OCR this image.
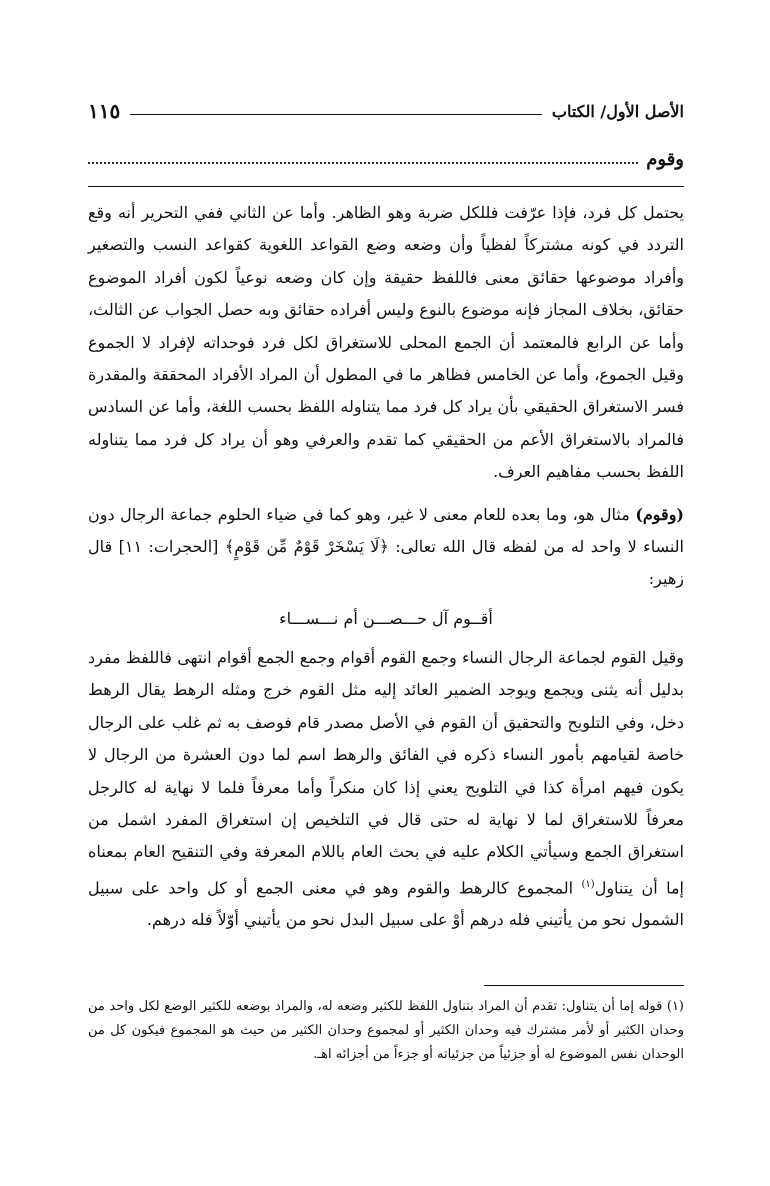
الأصل الأول/ الكتاب
١١٥
وقوم

يحتمل كل فرد، فإذا عرّفت فللكل ضربة وهو الظاهر. وأما عن الثاني ففي التحرير أنه وقع التردد في كونه مشتركاً لفظياً وأن وضعه وضع القواعد اللغوية كقواعد النسب والتصغير وأفراد موضوعها حقائق معنى فاللفظ حقيقة وإن كان وضعه نوعياً لكون أفراد الموضوع حقائق، بخلاف المجاز فإنه موضوع بالنوع وليس أفراده حقائق وبه حصل الجواب عن الثالث، وأما عن الرابع فالمعتمد أن الجمع المحلى للاستغراق لكل فرد فوحداته لإفراد لا الجموع وقيل الجموع، وأما عن الخامس فظاهر ما في المطول أن المراد الأفراد المحققة والمقدرة فسر الاستغراق الحقيقي بأن يراد كل فرد مما يتناوله اللفظ بحسب اللغة، وأما عن السادس فالمراد بالاستغراق الأعم من الحقيقي كما تقدم والعرفي وهو أن يراد كل فرد مما يتناوله اللفظ بحسب مفاهيم العرف.

(وقوم) مثال هو، وما بعده للعام معنى لا غير، وهو كما في ضياء الحلوم جماعة الرجال دون النساء لا واحد له من لفظه قال الله تعالى: ﴿لَا يَسْخَرْ قَوْمٌ مِّن قَوْمٍ﴾ [الحجرات: ١١] قال زهير:

أقــوم آل حـــصـــن أم نـــســـاء

وقيل القوم لجماعة الرجال النساء وجمع القوم أقوام وجمع الجمع أقوام انتهى فاللفظ مفرد بدليل أنه يثنى ويجمع ويوجد الضمير العائد إليه مثل القوم خرج ومثله الرهط يقال الرهط دخل، وفي التلويح والتحقيق أن القوم في الأصل مصدر قام فوصف به ثم غلب على الرجال خاصة لقيامهم بأمور النساء ذكره في الفائق والرهط اسم لما دون العشرة من الرجال لا يكون فيهم امرأة كذا في التلويح يعني إذا كان منكراً وأما معرفاً فلما لا نهاية له كالرجل معرفاً للاستغراق لما لا نهاية له حتى قال في التلخيص إن استغراق المفرد اشمل من استغراق الجمع وسيأتي الكلام عليه في بحث العام باللام المعرفة وفي التنقيح العام بمعناه إما أن يتناول$^{(١)}$ المجموع كالرهط والقوم وهو في معنى الجمع أو كل واحد على سبيل الشمول نحو من يأتيني فله درهم أوْ على سبيل البدل نحو من يأتيني أوّلاً فله درهم.

(١) قوله إما أن يتناول: تقدم أن المراد بتناول اللفظ للكثير وضعه له، والمراد بوضعه للكثير الوضع لكل واحد من وحدان الكثير أو لأمر مشترك فيه وحدان الكثير أو لمجموع وحدان الكثير من حيث هو المجموع فيكون كل من الوحدان نفس الموضوع له أو جزئياً من جزئياته أو جزءاً من أجزائه اهـ.
